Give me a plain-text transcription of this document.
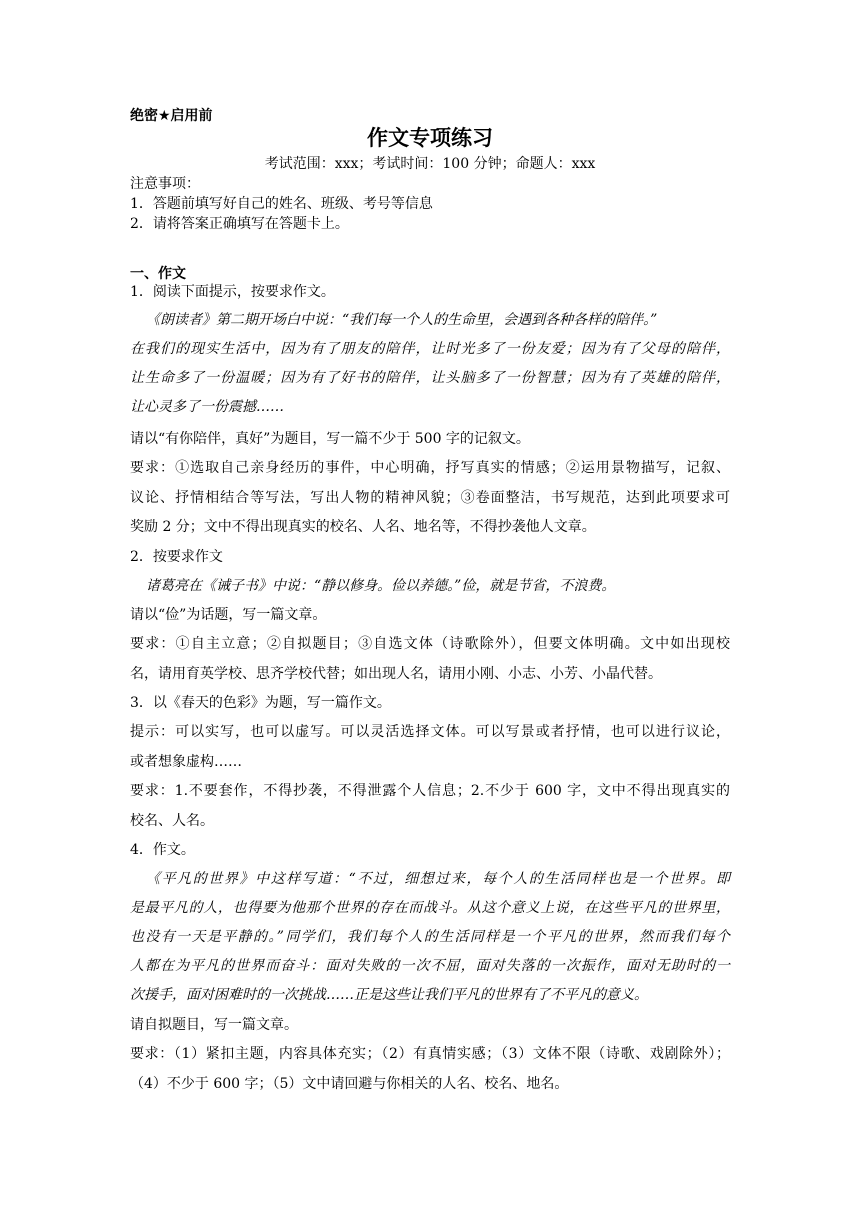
绝密★启用前
作文专项练习
考试范围：xxx；考试时间：100 分钟；命题人：xxx
注意事项：
1．答题前填写好自己的姓名、班级、考号等信息
2．请将答案正确填写在答题卡上。
一、作文
1．阅读下面提示，按要求作文。
《朗读者》第二期开场白中说：“我们每一个人的生命里，会遇到各种各样的陪伴。”
在我们的现实生活中，因为有了朋友的陪伴，让时光多了一份友爱；因为有了父母的陪伴，
让生命多了一份温暖；因为有了好书的陪伴，让头脑多了一份智慧；因为有了英雄的陪伴，
让心灵多了一份震撼……
请以“有你陪伴，真好”为题目，写一篇不少于 500 字的记叙文。
要求：①选取自己亲身经历的事件，中心明确，抒写真实的情感；②运用景物描写，记叙、
议论、抒情相结合等写法，写出人物的精神风貌；③卷面整洁，书写规范，达到此项要求可
奖励 2 分；文中不得出现真实的校名、人名、地名等，不得抄袭他人文章。
2．按要求作文
诸葛亮在《诫子书》中说：“静以修身。俭以养德。”俭，就是节省，不浪费。
请以“俭”为话题，写一篇文章。
要求：①自主立意；②自拟题目；③自选文体（诗歌除外），但要文体明确。文中如出现校
名，请用育英学校、思齐学校代替；如出现人名，请用小刚、小志、小芳、小晶代替。
3．以《春天的色彩》为题，写一篇作文。
提示：可以实写，也可以虚写。可以灵活选择文体。可以写景或者抒情，也可以进行议论，
或者想象虚构……
要求：1.不要套作，不得抄袭，不得泄露个人信息；2.不少于 600 字，文中不得出现真实的
校名、人名。
4．作文。
《平凡的世界》中这样写道：“不过，细想过来，每个人的生活同样也是一个世界。即
是最平凡的人，也得要为他那个世界的存在而战斗。从这个意义上说，在这些平凡的世界里，
也没有一天是平静的。”同学们，我们每个人的生活同样是一个平凡的世界，然而我们每个
人都在为平凡的世界而奋斗：面对失败的一次不屈，面对失落的一次振作，面对无助时的一
次援手，面对困难时的一次挑战……正是这些让我们平凡的世界有了不平凡的意义。
请自拟题目，写一篇文章。
要求：（1）紧扣主题，内容具体充实；（2）有真情实感；（3）文体不限（诗歌、戏剧除外）；
（4）不少于 600 字；（5）文中请回避与你相关的人名、校名、地名。
